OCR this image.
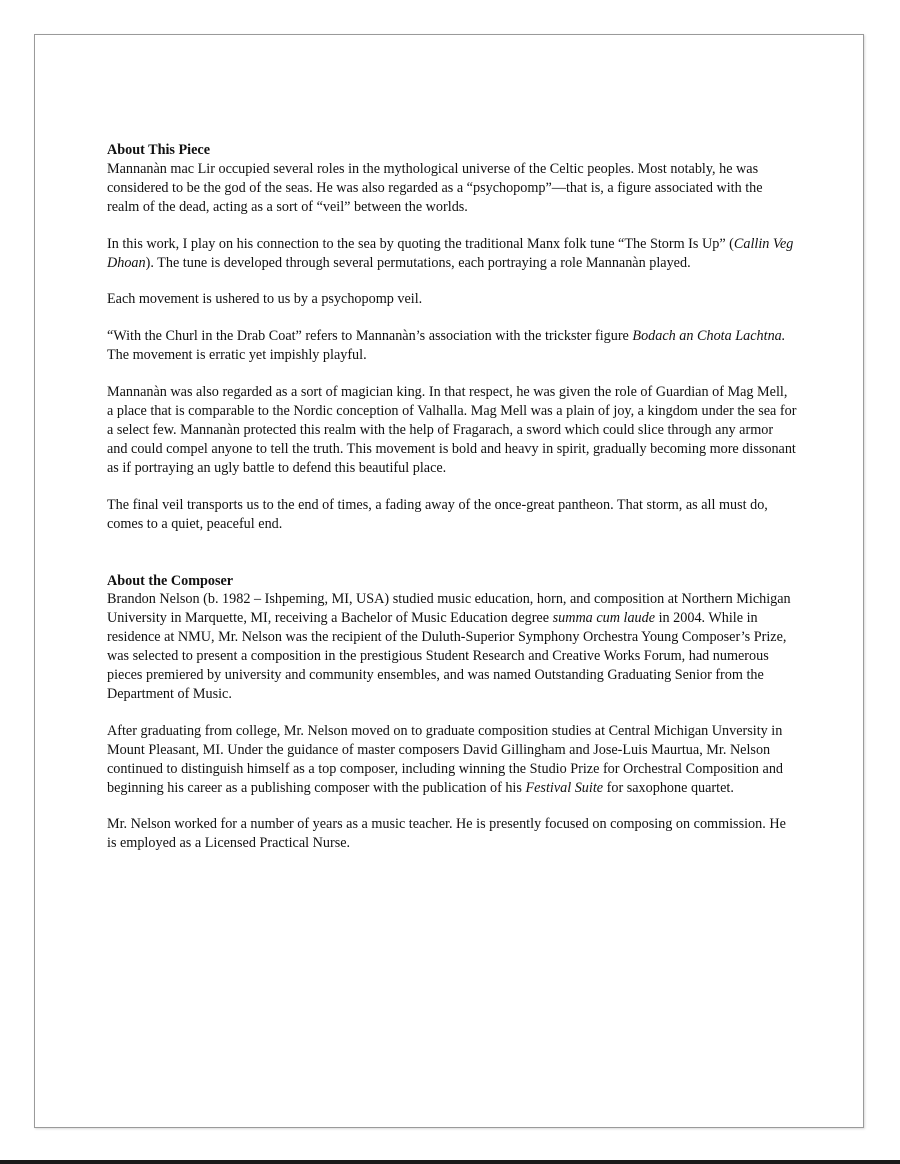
About This Piece

Mannanàn mac Lir occupied several roles in the mythological universe of the Celtic peoples. Most notably, he was considered to be the god of the seas. He was also regarded as a “psychopomp”—that is, a figure associated with the realm of the dead, acting as a sort of “veil” between the worlds.

In this work, I play on his connection to the sea by quoting the traditional Manx folk tune “The Storm Is Up” (Callin Veg Dhoan). The tune is developed through several permutations, each portraying a role Mannanàn played.

Each movement is ushered to us by a psychopomp veil.

“With the Churl in the Drab Coat” refers to Mannanàn’s association with the trickster figure Bodach an Chota Lachtna. The movement is erratic yet impishly playful.

Mannanàn was also regarded as a sort of magician king. In that respect, he was given the role of Guardian of Mag Mell, a place that is comparable to the Nordic conception of Valhalla. Mag Mell was a plain of joy, a kingdom under the sea for a select few. Mannanàn protected this realm with the help of Fragarach, a sword which could slice through any armor and could compel anyone to tell the truth. This movement is bold and heavy in spirit, gradually becoming more dissonant as if portraying an ugly battle to defend this beautiful place.

The final veil transports us to the end of times, a fading away of the once-great pantheon. That storm, as all must do, comes to a quiet, peaceful end.

About the Composer

Brandon Nelson (b. 1982 – Ishpeming, MI, USA) studied music education, horn, and composition at Northern Michigan University in Marquette, MI, receiving a Bachelor of Music Education degree summa cum laude in 2004. While in residence at NMU, Mr. Nelson was the recipient of the Duluth-Superior Symphony Orchestra Young Composer’s Prize, was selected to present a composition in the prestigious Student Research and Creative Works Forum, had numerous pieces premiered by university and community ensembles, and was named Outstanding Graduating Senior from the Department of Music.

After graduating from college, Mr. Nelson moved on to graduate composition studies at Central Michigan Unversity in Mount Pleasant, MI. Under the guidance of master composers David Gillingham and Jose-Luis Maurtua, Mr. Nelson continued to distinguish himself as a top composer, including winning the Studio Prize for Orchestral Composition and beginning his career as a publishing composer with the publication of his Festival Suite for saxophone quartet.

Mr. Nelson worked for a number of years as a music teacher. He is presently focused on composing on commission. He is employed as a Licensed Practical Nurse.
